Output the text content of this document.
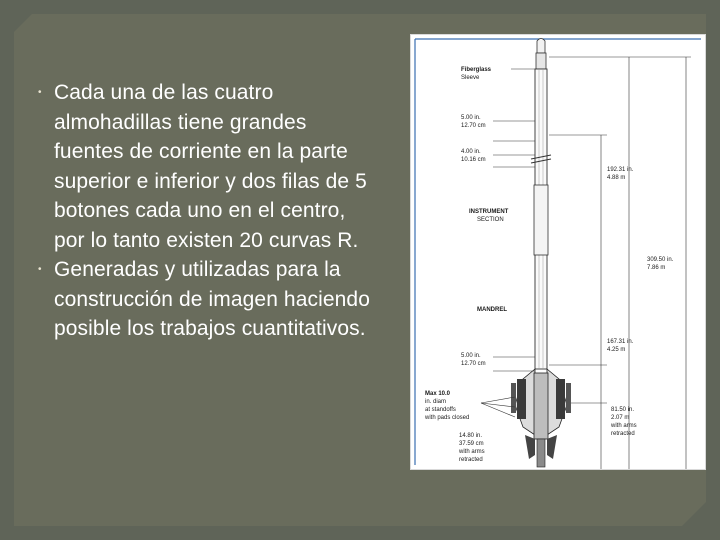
• Cada una de las cuatro almohadillas tiene grandes fuentes de corriente en la parte superior e inferior y dos filas de 5 botones cada uno en el centro, por lo tanto existen 20 curvas R.
• Generadas y utilizadas para la construcción de imagen haciendo posible los trabajos cuantitativos.
Fiberglass
Sleeve
5.00 in.
12.70 cm
4.00 in.
10.16 cm
INSTRUMENT
SECTION
192.31 in.
4.88 m
309.50 in.
7.86 m
MANDREL
167.31 in.
4.25 m
5.00 in.
12.70 cm
Max 10.0
in. diam
at standoffs
with pads closed
81.50 in.
2.07 m
with arms
retracted
14.80 in.
37.59 cm
with arms
retracted
